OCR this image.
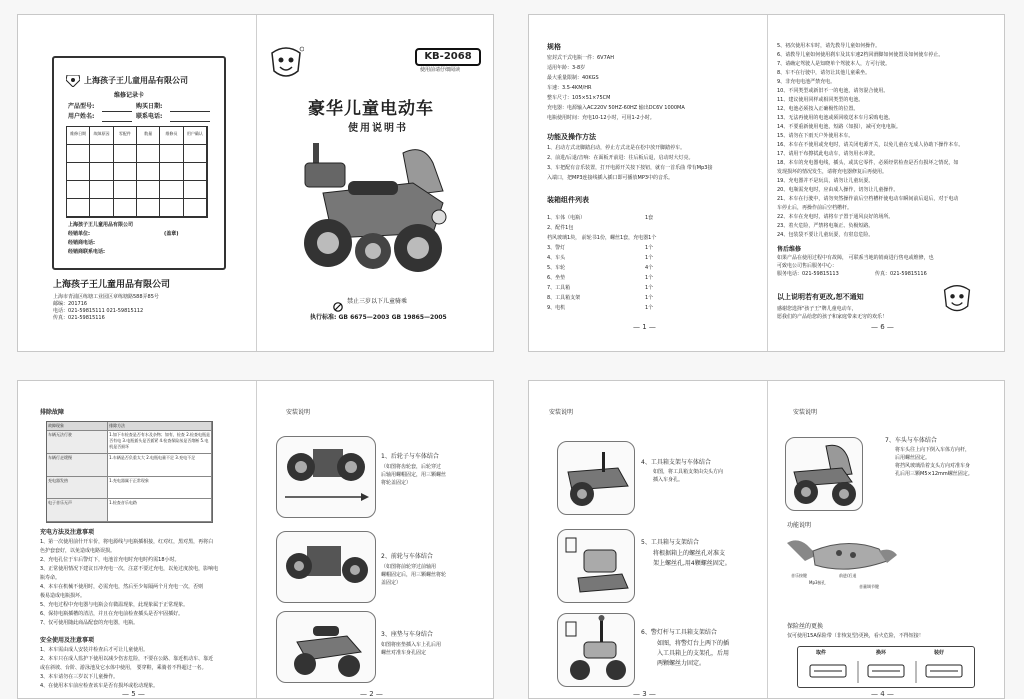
上海孩子王儿童用品有限公司
维修记录卡
产品型号:	购买日期:
用户姓名:	联系电话:
维修日期	故障原因	零配件	数量	维修员	用户确认
上海孩子王儿童用品有限公司
经销单位:	(盖章)
经销商电话:
经销商联系电话:
上海孩子王儿童用品有限公司
上海市青浦区练塘工业园区章练塘路588弄85号
邮编：201716
电话：021-59815111 021-59815112
传真：021-59815116
KB-2068
使用前请仔细阅读
豪华儿童电动车
使用说明书
禁止三岁以下儿童骑乘
执行标准: GB 6675—2003 GB 19865—2005
规格
密封式干式电瓶一件：6V7AH
适用年龄：3-8岁
最大重量限制：40KGS
车速：3.5-4KM/HR
整车尺寸：105×51×75CM
充电器：电源输入AC220V 50HZ-60HZ 输出DC6V 1000MA
电瓶使用时间：充电10-12小时，可用1-2小时。
功能及操作方法
1、启动方式北脚踏启动，停止方式北是在松中放开脚踏停车。
2、前进/后退/音响：在面板开前进：往后板后退，启动时大灯亮。
3、车把配有音乐装置，打开电源开关按下按钮，就有一首乐曲 带有Mp3接
入端口，把MP3连接线插入插口即可播放MP3中的音乐。
装箱组件列表
1、车体（电瓶）	1套
2、配件1包
档风玻璃1块， 前轮书1份，螺丝1套，充电器1个
3、警灯	1个
4、车头	1个
5、车轮	4个
6、坐垫	1个
7、工具箱	1个
8、工具箱支架	1个
9、电机	1个
— 1 —
5、初次使用本车时，请先教导儿童如何操作。
6、请教导儿童如何使用刹车及其车速2档回滑脚如何使置及如何使车停止。
7、请确定驾驶人是知晓单个驾驶本人，方可行驶。
8、车不在行驶中，请勿让其他儿童乘坐。
9、非充电电池严禁充电。
10、不同类型或新旧不一的电池，请勿混合使用。
11、建议使用同样或相同类型的电池。
12、电池必须按入正确极性的位置。
13、无法再使用的电池或须回收送本车月采购电池。
14、不要重新使用电池，短路（如损），减可充电电瓶。
15、请勿在下雨天户外使用本车。
16、本车在不使用或充电时，请关闭电源开关，以免儿童在无成人协助下操作本车。
17、请用干布擦拭此电动车，请勿用水冲洗。
18、本车的充电器电线，插头，或其它零件，必须经常检查是否有损坏之情况，如
发现损坏的情况发生，请将充电器修复后再使用。
19、充电器并不是玩具，请勿让儿童玩耍。
20、电瓶需充电时，应由成人操作，切勿让儿童操作。
21、本车在行驶中，请勿突然操作前后空档槽杆使电动车瞬间前后退后，对于电动
车停止后，再操作前后空档槽杆。
22、本车在充电时，请将车子置于通风良好的场所。
23、着火危险，严禁将电瓶正、负极短路。
24、包装袋不要让儿童玩耍，有窒息危险。
售后维修
如果产品在使用过程中有故障， 可联系当地的销商进行售电或维修，也
可致电公司售后服务中心：
服务电话：021-59815113	传真：021-59815116
以上说明若有更改,恕不通知
感谢您选择"孩子王"牌儿童电动车，
愿我们的产品给您的孩子和家庭带来无穷的欢乐！
— 6 —
排除故障
故障现象	排除方法
车辆无法行驶	1.如下车检查是否有水及杂物；如有，检查 2.检查电瓶是否有电 3.电瓶插头是否插紧 4.检查保险丝是否熔断 5.电机是否损坏
车辆行走缓慢	1.车辆是否负重太大 2.电瓶电量不足 3.充电不足
充电器发热	1.充电器属于正常现象
电子音乐无声	1.检查音乐电路
充电方法及注意事项
1、第一次使用前什开车价，将电源线与电瓶插相接，红对红，黑对黑，再将白
色护套套好，以免造成电路误损。
2、充电孔位于车后警灯下，电池首充电时充电时约需18小时。
3、正常使用情况下建议日冲充电一次，注意不要过充电，以免过度放电，影响电
瓶寿命。
4、本车在机械不使用时，必需充电，然后至少每隔两个月充电一次，否则
极易造成电瓶损坏。
5、充电过程中充电器与电瓶会有微温现象，此现象属于正常现象。
6、保持电瓶插槽的清洁，并且在充电前检查插头是否牢固插好。
7、仅可使用随此商品配套的充电器，电瓶。
安全使用及注意事项
1、本车需由成人安装并检查后才可让儿童使用。
2、本车只在成人监护下使用以减少伤害危险，不要在公路、靠近机动车、靠近
或在斜坡、台阶、游泳池及它水体中使用， 要穿鞋，乘骑者不得超过一名。
3、本车请勿在三岁以下儿童操作。
4、在使用本车前应检查该车是否有损坏或松动现象。
— 5 —
安装说明
1、后轮子与车体结合
（如图将齿轮套，后轮穿过
后轴用螺帽固定，用三颗螺丝
将轮盖固定）
2、前轮与车体结合
（如图将前轮穿过前轴用
螺帽固定后，用三颗螺丝将轮
盖固定）
3、座垫与车身结合
如图将座垫插入车上孔后用
螺丝对准车身孔固定
— 2 —
安装说明
4、工具箱支架与车体结合
如图，将工具箱支架由尖头方向
插入车身孔。
5、工具箱与支架结合
将根据箱上的螺丝孔对准支
架上螺丝孔,用4颗螺丝固定。
6、警灯杆与工具箱支架结合
如图，将警灯台上两下的插
入工具箱上的支架孔，后用
两颗螺丝力固定。
— 3 —
安装说明
7、车头与车体结合
将车头往上向下倒入车体方向杆，
后用螺丝固定。
将挡风玻璃沿着支头方向对准车身
孔后用三颗M5×12mm螺丝固定。
功能说明
音乐按键
Mp3接孔
前进/后退
音量调节键
保险丝的更换
仅可使用15A保险带（非恢复型)更换，看火危险，不得短接！
取件	换环	装好
— 4 —
